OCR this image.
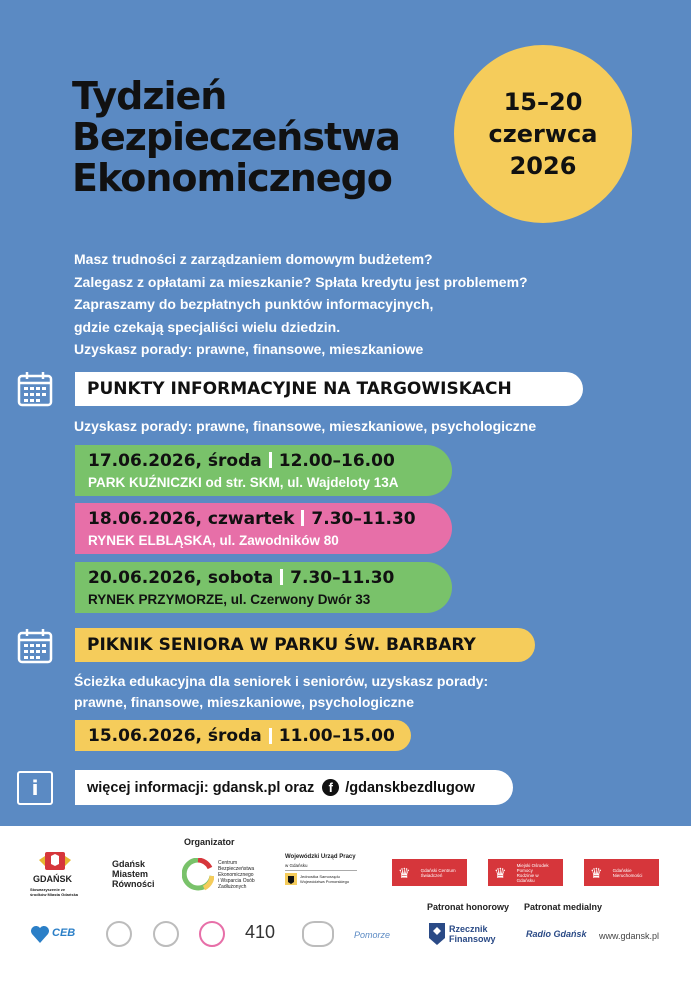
Tydzień
Bezpieczeństwa
Ekonomicznego
15–20
czerwca
2026
Masz trudności z zarządzaniem domowym budżetem?
Zalegasz z opłatami za mieszkanie? Spłata kredytu jest problemem?
Zapraszamy do bezpłatnych punktów informacyjnych,
gdzie czekają specjaliści wielu dziedzin.
Uzyskasz porady: prawne, finansowe, mieszkaniowe
PUNKTY INFORMACYJNE NA TARGOWISKACH
Uzyskasz porady: prawne, finansowe, mieszkaniowe, psychologiczne
17.06.2026, środa 12.00–16.00
PARK KUŹNICZKI od str. SKM, ul. Wajdeloty 13A
18.06.2026, czwartek 7.30–11.30
RYNEK ELBLĄSKA, ul. Zawodników 80
20.06.2026, sobota 7.30–11.30
RYNEK PRZYMORZE, ul. Czerwony Dwór 33
PIKNIK SENIORA W PARKU ŚW. BARBARY
Ścieżka edukacyjna dla seniorek i seniorów, uzyskasz porady:
prawne, finansowe, mieszkaniowe, psychologiczne
15.06.2026, środa 11.00–15.00
i	więcej informacji: gdansk.pl oraz	f /gdanskbezdlugow
Organizator
GDAŃSK
Stowarzyszenie ze środków Miasta Gdańska
Gdańsk
Miastem
Równości
Centrum
Bezpieczeństwa
Ekonomicznego
i Wsparcia Osób
Zadłużonych
Wojewódzki Urząd Pracy
w Gdańsku
Jednostka Samorządu Województwa Pomorskiego
♛ Gdański Centrum Świadczeń	♛ Miejski Ośrodek Pomocy Rodzinie w Gdańsku	♛ Gdańskie Nieruchomości
Patronat honorowy Patronat medialny
CEB	410	Pomorze
Rzecznik
Finansowy	Radio Gdańsk www.gdansk.pl
